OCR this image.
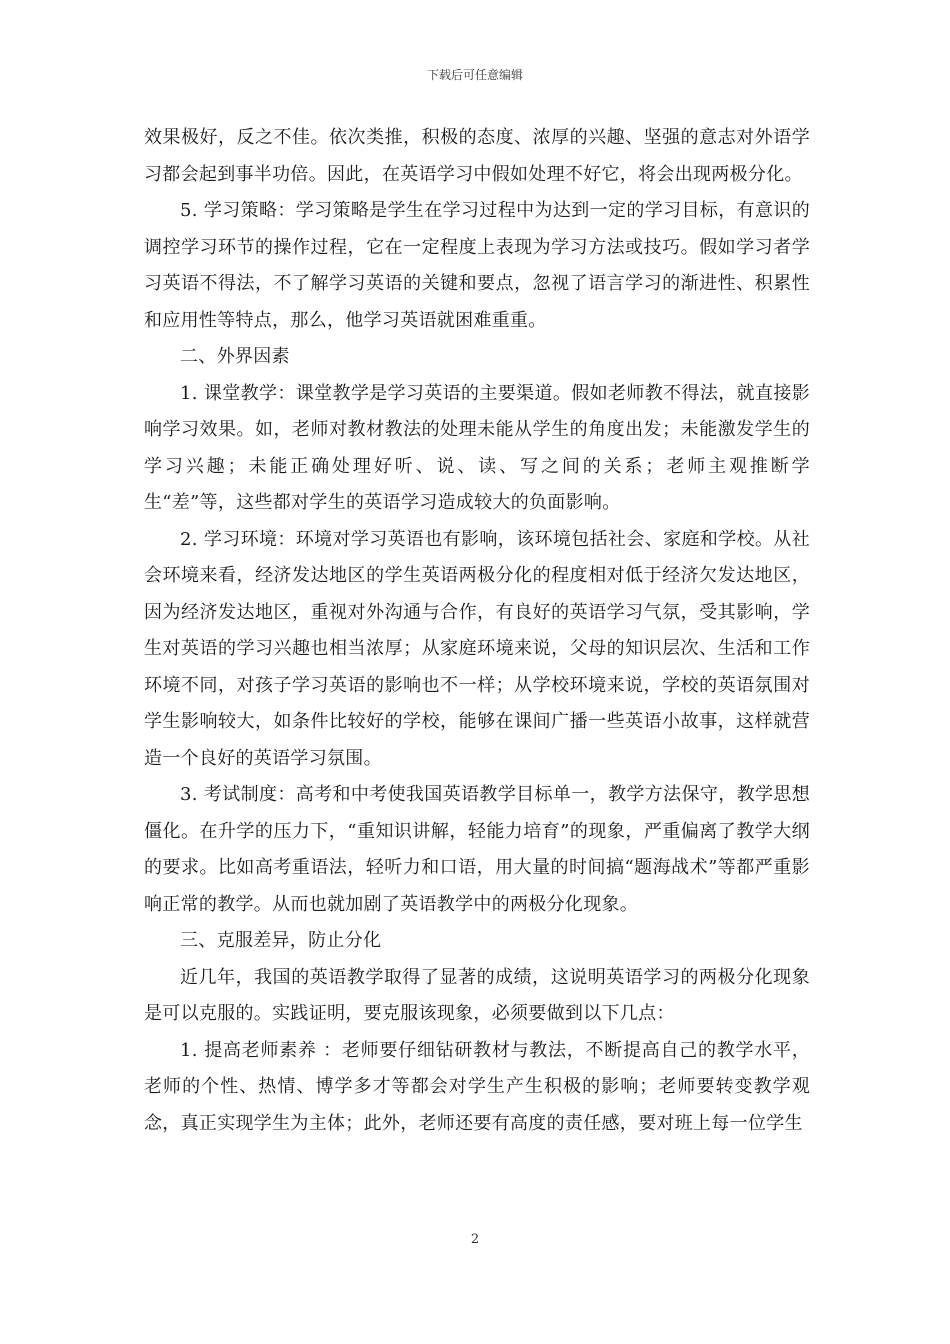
下载后可任意编辑

效果极好，反之不佳。依次类推，积极的态度、浓厚的兴趣、坚强的意志对外语学习都会起到事半功倍。因此，在英语学习中假如处理不好它，将会出现两极分化。

5. 学习策略：学习策略是学生在学习过程中为达到一定的学习目标，有意识的调控学习环节的操作过程，它在一定程度上表现为学习方法或技巧。假如学习者学习英语不得法，不了解学习英语的关键和要点，忽视了语言学习的渐进性、积累性和应用性等特点，那么，他学习英语就困难重重。

二、外界因素

1. 课堂教学：课堂教学是学习英语的主要渠道。假如老师教不得法，就直接影响学习效果。如，老师对教材教法的处理未能从学生的角度出发；未能激发学生的学习兴趣；未能正确处理好听、说、读、写之间的关系；老师主观推断学生“差”等，这些都对学生的英语学习造成较大的负面影响。

2. 学习环境：环境对学习英语也有影响，该环境包括社会、家庭和学校。从社会环境来看，经济发达地区的学生英语两极分化的程度相对低于经济欠发达地区，因为经济发达地区，重视对外沟通与合作，有良好的英语学习气氛，受其影响，学生对英语的学习兴趣也相当浓厚；从家庭环境来说，父母的知识层次、生活和工作环境不同，对孩子学习英语的影响也不一样；从学校环境来说，学校的英语氛围对学生影响较大，如条件比较好的学校，能够在课间广播一些英语小故事，这样就营造一个良好的英语学习氛围。

3. 考试制度：高考和中考使我国英语教学目标单一，教学方法保守，教学思想僵化。在升学的压力下，“重知识讲解，轻能力培育”的现象，严重偏离了教学大纲的要求。比如高考重语法，轻听力和口语，用大量的时间搞“题海战术”等都严重影响正常的教学。从而也就加剧了英语教学中的两极分化现象。

三、克服差异，防止分化

近几年，我国的英语教学取得了显著的成绩，这说明英语学习的两极分化现象是可以克服的。实践证明，要克服该现象，必须要做到以下几点：

1. 提高老师素养 ：老师要仔细钻研教材与教法，不断提高自己的教学水平，老师的个性、热情、博学多才等都会对学生产生积极的影响；老师要转变教学观念，真正实现学生为主体；此外，老师还要有高度的责任感，要对班上每一位学生

2
